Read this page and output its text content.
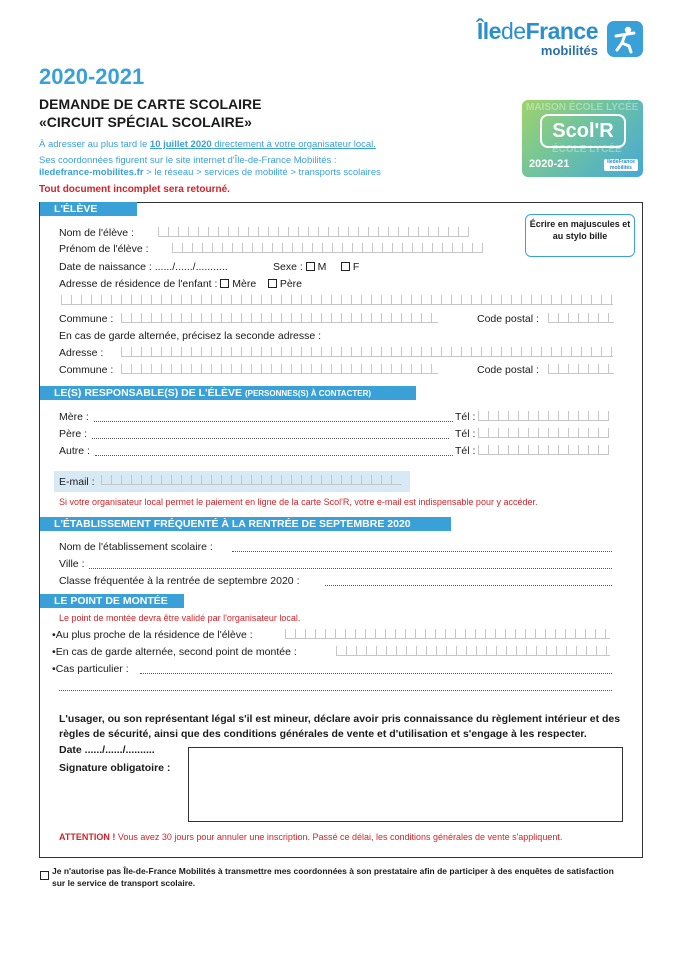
ÎledeFrance
mobilités
2020-2021
DEMANDE DE CARTE SCOLAIRE
«CIRCUIT SPÉCIAL SCOLAIRE»
À adresser au plus tard le 10 juillet 2020 directement à votre organisateur local.
Ses coordonnées figurent sur le site internet d'Île-de-France Mobilités :
iledefrance-mobilites.fr > le réseau > services de mobilité > transports scolaires
Tout document incomplet sera retourné.
MAISON ÉCOLE LYCÉE
ÉCOLE LYCÉE
Scol'R
2020-21	ÎledeFrance mobilités
L'ÉLÈVE
Écrire en majuscules et au stylo bille
Nom de l'élève :
Prénom de l'élève :
Date de naissance : ....../....../...........	Sexe : M	F
Adresse de résidence de l'enfant : Mère Père
Commune :	Code postal :
En cas de garde alternée, précisez la seconde adresse :
Adresse :
Commune :	Code postal :
LE(S) RESPONSABLE(S) DE L'ÉLÈVE (PERSONNES(S) À CONTACTER)
Mère :	Tél :
Père :	Tél :
Autre :	Tél :
E-mail :
Si votre organisateur local permet le paiement en ligne de la carte Scol'R, votre e-mail est indispensable pour y accéder.
L'ÉTABLISSEMENT FRÉQUENTÉ À LA RENTRÉE DE SEPTEMBRE 2020
Nom de l'établissement scolaire :
Ville :
Classe fréquentée à la rentrée de septembre 2020 :
LE POINT DE MONTÉE
Le point de montée devra être validé par l'organisateur local.
•Au plus proche de la résidence de l'élève :
•En cas de garde alternée, second point de montée :
•Cas particulier :
L'usager, ou son représentant légal s'il est mineur, déclare avoir pris connaissance du règlement intérieur et des règles de sécurité, ainsi que des conditions générales de vente et d'utilisation et s'engage à les respecter.
Date ....../....../..........
Signature obligatoire :
ATTENTION ! Vous avez 30 jours pour annuler une inscription. Passé ce délai, les conditions générales de vente s'appliquent.
Je n'autorise pas Île-de-France Mobilités à transmettre mes coordonnées à son prestataire afin de participer à des enquêtes de satisfaction sur le service de transport scolaire.
